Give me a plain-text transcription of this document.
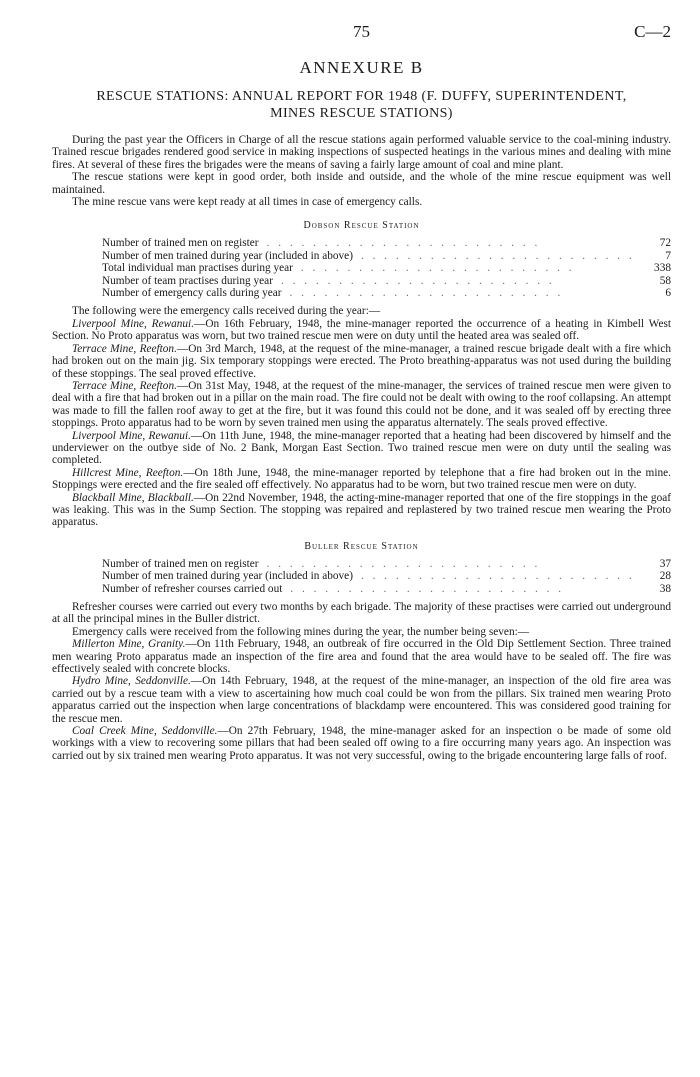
75	C—2
ANNEXURE B
RESCUE STATIONS: ANNUAL REPORT FOR 1948 (F. DUFFY, SUPERINTENDENT,
MINES RESCUE STATIONS)

During the past year the Officers in Charge of all the rescue stations again performed valuable service to the coal-mining industry. Trained rescue brigades rendered good service in making inspections of suspected heatings in the various mines and dealing with mine fires. At several of these fires the brigades were the means of saving a fairly large amount of coal and mine plant.

The rescue stations were kept in good order, both inside and outside, and the whole of the mine rescue equipment was well maintained.

The mine rescue vans were kept ready at all times in case of emergency calls.

Dobson Rescue Station
Number of trained men on register . . . . . . . . . . . . . . . . . . . . . . . .	72
Number of men trained during year (included in above) . . . . . . . . . . . . . . . . . . . . . . . .	7
Total individual man practises during year . . . . . . . . . . . . . . . . . . . . . . . .	338
Number of team practises during year . . . . . . . . . . . . . . . . . . . . . . . .	58
Number of emergency calls during year . . . . . . . . . . . . . . . . . . . . . . . .	6

The following were the emergency calls received during the year:—

Liverpool Mine, Rewanui.—On 16th February, 1948, the mine-manager reported the occurrence of a heating in Kimbell West Section. No Proto apparatus was worn, but two trained rescue men were on duty until the heated area was sealed off.

Terrace Mine, Reefton.—On 3rd March, 1948, at the request of the mine-manager, a trained rescue brigade dealt with a fire which had broken out on the main jig. Six temporary stoppings were erected. The Proto breathing-apparatus was not used during the building of these stoppings. The seal proved effective.

Terrace Mine, Reefton.—On 31st May, 1948, at the request of the mine-manager, the services of trained rescue men were given to deal with a fire that had broken out in a pillar on the main road. The fire could not be dealt with owing to the roof collapsing. An attempt was made to fill the fallen roof away to get at the fire, but it was found this could not be done, and it was sealed off by erecting three stoppings. Proto apparatus had to be worn by seven trained men using the apparatus alternately. The seals proved effective.

Liverpool Mine, Rewanui.—On 11th June, 1948, the mine-manager reported that a heating had been discovered by himself and the underviewer on the outbye side of No. 2 Bank, Morgan East Section. Two trained rescue men were on duty until the sealing was completed.

Hillcrest Mine, Reefton.—On 18th June, 1948, the mine-manager reported by telephone that a fire had broken out in the mine. Stoppings were erected and the fire sealed off effectively. No apparatus had to be worn, but two trained rescue men were on duty.

Blackball Mine, Blackball.—On 22nd November, 1948, the acting-mine-manager reported that one of the fire stoppings in the goaf was leaking. This was in the Sump Section. The stopping was repaired and replastered by two trained rescue men wearing the Proto apparatus.

Buller Rescue Station
Number of trained men on register . . . . . . . . . . . . . . . . . . . . . . . .	37
Number of men trained during year (included in above) . . . . . . . . . . . . . . . . . . . . . . . .	28
Number of refresher courses carried out . . . . . . . . . . . . . . . . . . . . . . . .	38

Refresher courses were carried out every two months by each brigade. The majority of these practises were carried out underground at all the principal mines in the Buller district.

Emergency calls were received from the following mines during the year, the number being seven:—

Millerton Mine, Granity.—On 11th February, 1948, an outbreak of fire occurred in the Old Dip Settlement Section. Three trained men wearing Proto apparatus made an inspection of the fire area and found that the area would have to be sealed off. The fire was effectively sealed with concrete blocks.

Hydro Mine, Seddonville.—On 14th February, 1948, at the request of the mine-manager, an inspection of the old fire area was carried out by a rescue team with a view to ascertaining how much coal could be won from the pillars. Six trained men wearing Proto apparatus carried out the inspection when large concentrations of blackdamp were encountered. This was considered good training for the rescue men.

Coal Creek Mine, Seddonville.—On 27th February, 1948, the mine-manager asked for an inspection o be made of some old workings with a view to recovering some pillars that had been sealed off owing to a fire occurring many years ago. An inspection was carried out by six trained men wearing Proto apparatus. It was not very successful, owing to the brigade encountering large falls of roof.
